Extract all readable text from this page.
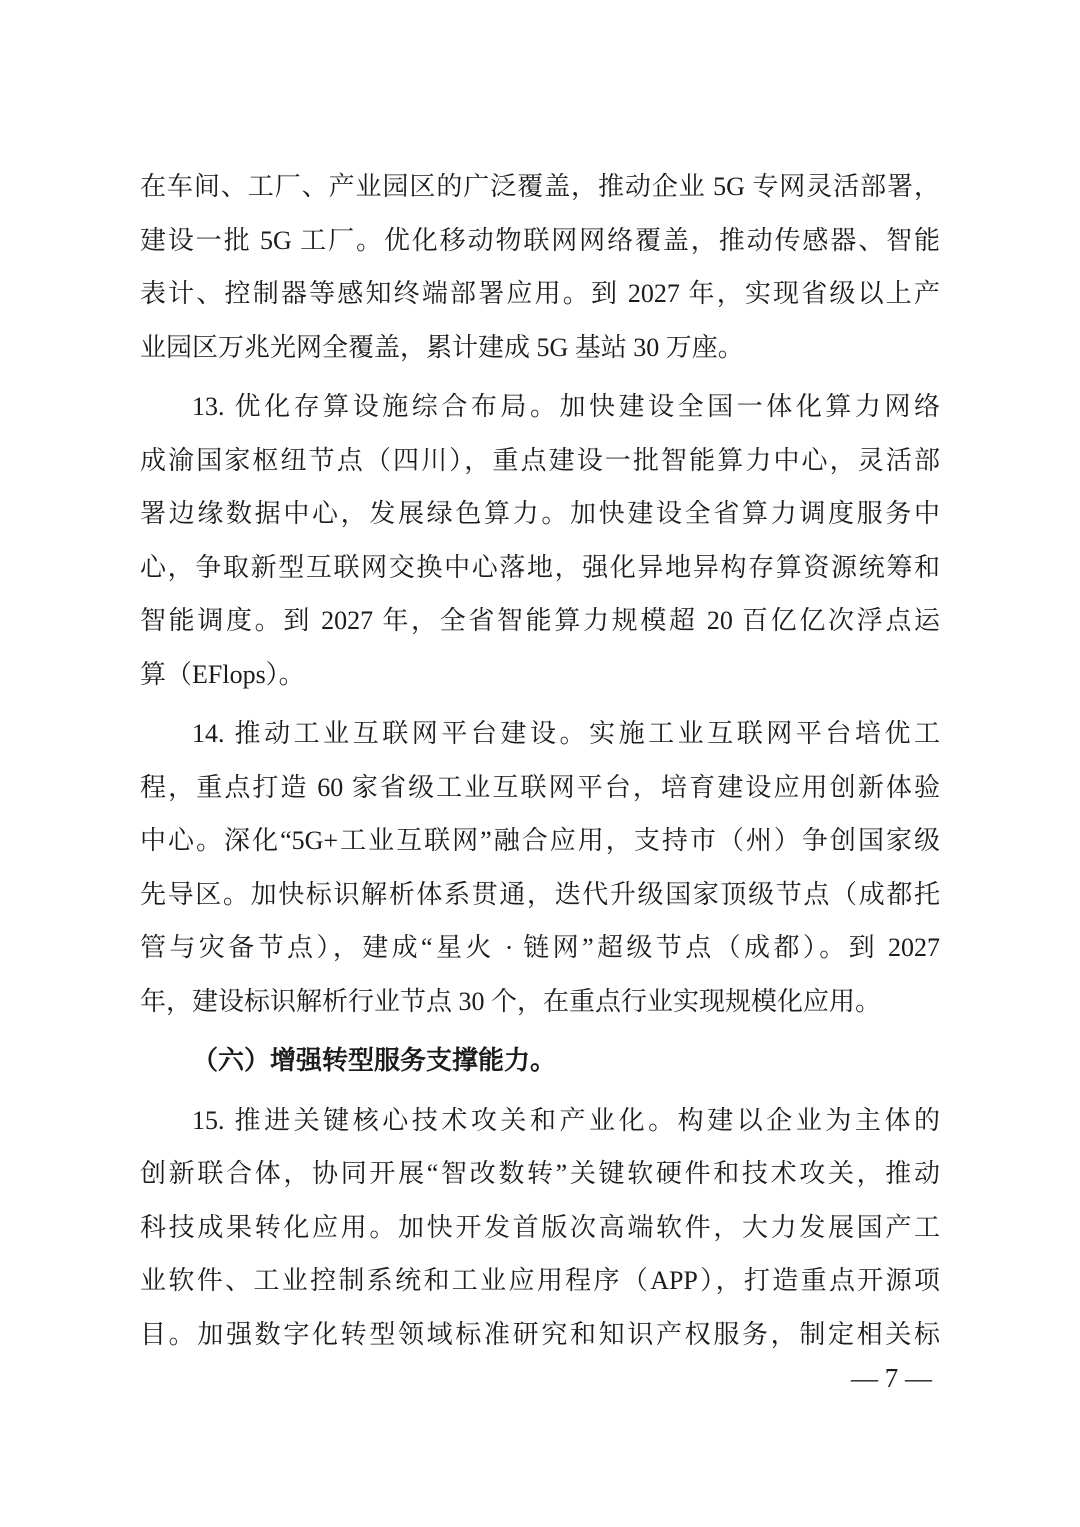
在车间、工厂、产业园区的广泛覆盖，推动企业 5G 专网灵活部署，
建设一批 5G 工厂。优化移动物联网网络覆盖，推动传感器、智能
表计、控制器等感知终端部署应用。到 2027 年，实现省级以上产
业园区万兆光网全覆盖，累计建成 5G 基站 30 万座。

13. 优化存算设施综合布局。加快建设全国一体化算力网络
成渝国家枢纽节点（四川），重点建设一批智能算力中心，灵活部
署边缘数据中心，发展绿色算力。加快建设全省算力调度服务中
心，争取新型互联网交换中心落地，强化异地异构存算资源统筹和
智能调度。到 2027 年，全省智能算力规模超 20 百亿亿次浮点运
算（EFlops）。

14. 推动工业互联网平台建设。实施工业互联网平台培优工
程，重点打造 60 家省级工业互联网平台，培育建设应用创新体验
中心。深化“5G+工业互联网”融合应用，支持市（州）争创国家级
先导区。加快标识解析体系贯通，迭代升级国家顶级节点（成都托
管与灾备节点），建成“星火 · 链网”超级节点（成都）。到 2027
年，建设标识解析行业节点 30 个，在重点行业实现规模化应用。

（六）增强转型服务支撑能力。

15. 推进关键核心技术攻关和产业化。构建以企业为主体的
创新联合体，协同开展“智改数转”关键软硬件和技术攻关，推动
科技成果转化应用。加快开发首版次高端软件，大力发展国产工
业软件、工业控制系统和工业应用程序（APP），打造重点开源项
目。加强数字化转型领域标准研究和知识产权服务，制定相关标

— 7 —
